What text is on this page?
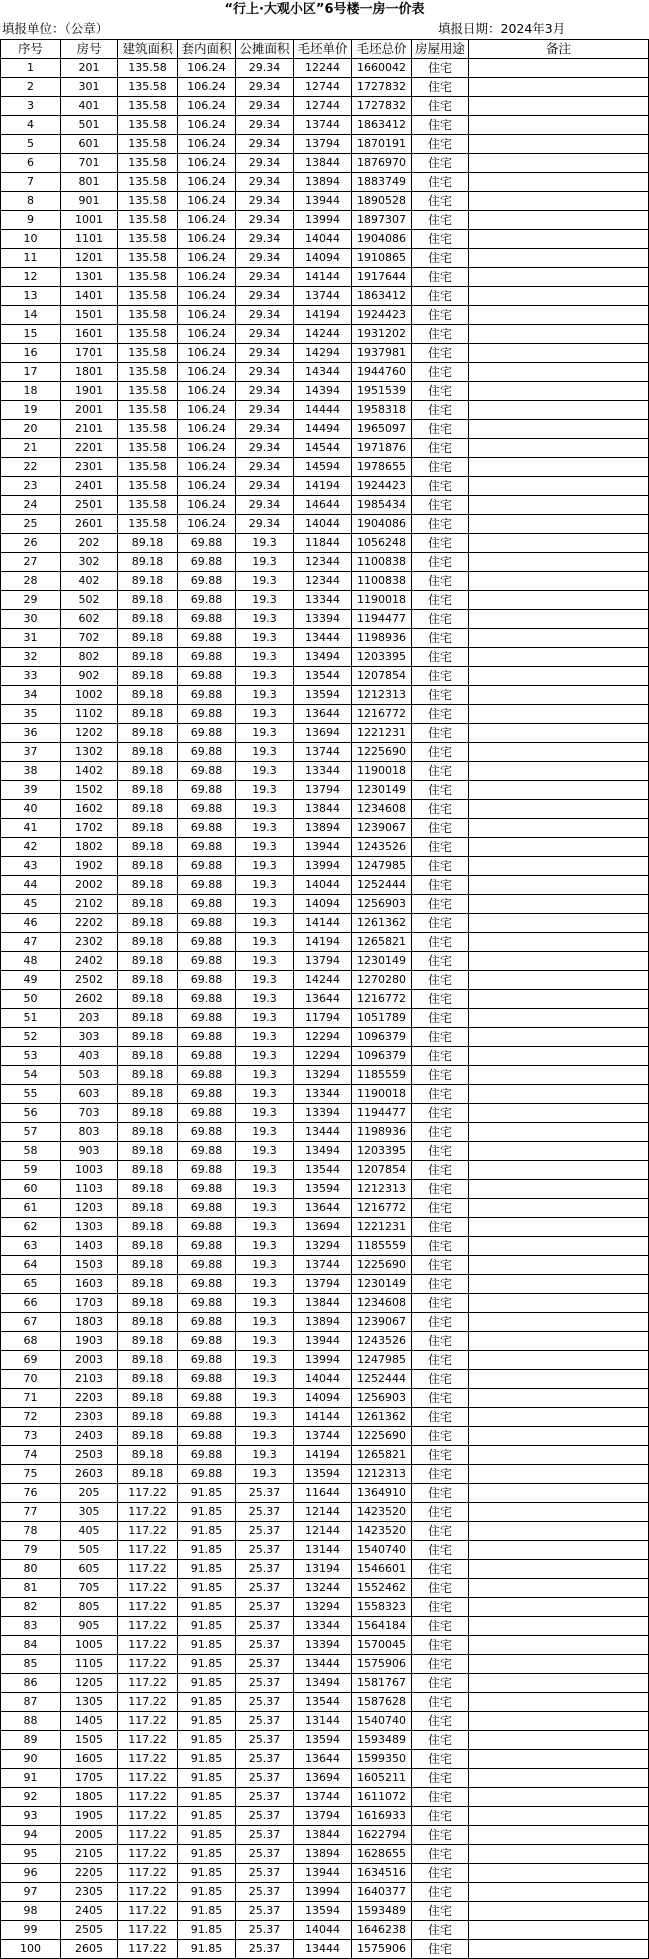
“行上·大观小区”6号楼一房一价表
填报单位：（公章）	填报日期：2024年3月
序号	房号	建筑面积	套内面积	公摊面积	毛坯单价	毛坯总价	房屋用途	备注
1	201	135.58	106.24	29.34	12244	1660042	住宅	
2	301	135.58	106.24	29.34	12744	1727832	住宅	
3	401	135.58	106.24	29.34	12744	1727832	住宅	
4	501	135.58	106.24	29.34	13744	1863412	住宅	
5	601	135.58	106.24	29.34	13794	1870191	住宅	
6	701	135.58	106.24	29.34	13844	1876970	住宅	
7	801	135.58	106.24	29.34	13894	1883749	住宅	
8	901	135.58	106.24	29.34	13944	1890528	住宅	
9	1001	135.58	106.24	29.34	13994	1897307	住宅	
10	1101	135.58	106.24	29.34	14044	1904086	住宅	
11	1201	135.58	106.24	29.34	14094	1910865	住宅	
12	1301	135.58	106.24	29.34	14144	1917644	住宅	
13	1401	135.58	106.24	29.34	13744	1863412	住宅	
14	1501	135.58	106.24	29.34	14194	1924423	住宅	
15	1601	135.58	106.24	29.34	14244	1931202	住宅	
16	1701	135.58	106.24	29.34	14294	1937981	住宅	
17	1801	135.58	106.24	29.34	14344	1944760	住宅	
18	1901	135.58	106.24	29.34	14394	1951539	住宅	
19	2001	135.58	106.24	29.34	14444	1958318	住宅	
20	2101	135.58	106.24	29.34	14494	1965097	住宅	
21	2201	135.58	106.24	29.34	14544	1971876	住宅	
22	2301	135.58	106.24	29.34	14594	1978655	住宅	
23	2401	135.58	106.24	29.34	14194	1924423	住宅	
24	2501	135.58	106.24	29.34	14644	1985434	住宅	
25	2601	135.58	106.24	29.34	14044	1904086	住宅	
26	202	89.18	69.88	19.3	11844	1056248	住宅	
27	302	89.18	69.88	19.3	12344	1100838	住宅	
28	402	89.18	69.88	19.3	12344	1100838	住宅	
29	502	89.18	69.88	19.3	13344	1190018	住宅	
30	602	89.18	69.88	19.3	13394	1194477	住宅	
31	702	89.18	69.88	19.3	13444	1198936	住宅	
32	802	89.18	69.88	19.3	13494	1203395	住宅	
33	902	89.18	69.88	19.3	13544	1207854	住宅	
34	1002	89.18	69.88	19.3	13594	1212313	住宅	
35	1102	89.18	69.88	19.3	13644	1216772	住宅	
36	1202	89.18	69.88	19.3	13694	1221231	住宅	
37	1302	89.18	69.88	19.3	13744	1225690	住宅	
38	1402	89.18	69.88	19.3	13344	1190018	住宅	
39	1502	89.18	69.88	19.3	13794	1230149	住宅	
40	1602	89.18	69.88	19.3	13844	1234608	住宅	
41	1702	89.18	69.88	19.3	13894	1239067	住宅	
42	1802	89.18	69.88	19.3	13944	1243526	住宅	
43	1902	89.18	69.88	19.3	13994	1247985	住宅	
44	2002	89.18	69.88	19.3	14044	1252444	住宅	
45	2102	89.18	69.88	19.3	14094	1256903	住宅	
46	2202	89.18	69.88	19.3	14144	1261362	住宅	
47	2302	89.18	69.88	19.3	14194	1265821	住宅	
48	2402	89.18	69.88	19.3	13794	1230149	住宅	
49	2502	89.18	69.88	19.3	14244	1270280	住宅	
50	2602	89.18	69.88	19.3	13644	1216772	住宅	
51	203	89.18	69.88	19.3	11794	1051789	住宅	
52	303	89.18	69.88	19.3	12294	1096379	住宅	
53	403	89.18	69.88	19.3	12294	1096379	住宅	
54	503	89.18	69.88	19.3	13294	1185559	住宅	
55	603	89.18	69.88	19.3	13344	1190018	住宅	
56	703	89.18	69.88	19.3	13394	1194477	住宅	
57	803	89.18	69.88	19.3	13444	1198936	住宅	
58	903	89.18	69.88	19.3	13494	1203395	住宅	
59	1003	89.18	69.88	19.3	13544	1207854	住宅	
60	1103	89.18	69.88	19.3	13594	1212313	住宅	
61	1203	89.18	69.88	19.3	13644	1216772	住宅	
62	1303	89.18	69.88	19.3	13694	1221231	住宅	
63	1403	89.18	69.88	19.3	13294	1185559	住宅	
64	1503	89.18	69.88	19.3	13744	1225690	住宅	
65	1603	89.18	69.88	19.3	13794	1230149	住宅	
66	1703	89.18	69.88	19.3	13844	1234608	住宅	
67	1803	89.18	69.88	19.3	13894	1239067	住宅	
68	1903	89.18	69.88	19.3	13944	1243526	住宅	
69	2003	89.18	69.88	19.3	13994	1247985	住宅	
70	2103	89.18	69.88	19.3	14044	1252444	住宅	
71	2203	89.18	69.88	19.3	14094	1256903	住宅	
72	2303	89.18	69.88	19.3	14144	1261362	住宅	
73	2403	89.18	69.88	19.3	13744	1225690	住宅	
74	2503	89.18	69.88	19.3	14194	1265821	住宅	
75	2603	89.18	69.88	19.3	13594	1212313	住宅	
76	205	117.22	91.85	25.37	11644	1364910	住宅	
77	305	117.22	91.85	25.37	12144	1423520	住宅	
78	405	117.22	91.85	25.37	12144	1423520	住宅	
79	505	117.22	91.85	25.37	13144	1540740	住宅	
80	605	117.22	91.85	25.37	13194	1546601	住宅	
81	705	117.22	91.85	25.37	13244	1552462	住宅	
82	805	117.22	91.85	25.37	13294	1558323	住宅	
83	905	117.22	91.85	25.37	13344	1564184	住宅	
84	1005	117.22	91.85	25.37	13394	1570045	住宅	
85	1105	117.22	91.85	25.37	13444	1575906	住宅	
86	1205	117.22	91.85	25.37	13494	1581767	住宅	
87	1305	117.22	91.85	25.37	13544	1587628	住宅	
88	1405	117.22	91.85	25.37	13144	1540740	住宅	
89	1505	117.22	91.85	25.37	13594	1593489	住宅	
90	1605	117.22	91.85	25.37	13644	1599350	住宅	
91	1705	117.22	91.85	25.37	13694	1605211	住宅	
92	1805	117.22	91.85	25.37	13744	1611072	住宅	
93	1905	117.22	91.85	25.37	13794	1616933	住宅	
94	2005	117.22	91.85	25.37	13844	1622794	住宅	
95	2105	117.22	91.85	25.37	13894	1628655	住宅	
96	2205	117.22	91.85	25.37	13944	1634516	住宅	
97	2305	117.22	91.85	25.37	13994	1640377	住宅	
98	2405	117.22	91.85	25.37	13594	1593489	住宅	
99	2505	117.22	91.85	25.37	14044	1646238	住宅	
100	2605	117.22	91.85	25.37	13444	1575906	住宅	
